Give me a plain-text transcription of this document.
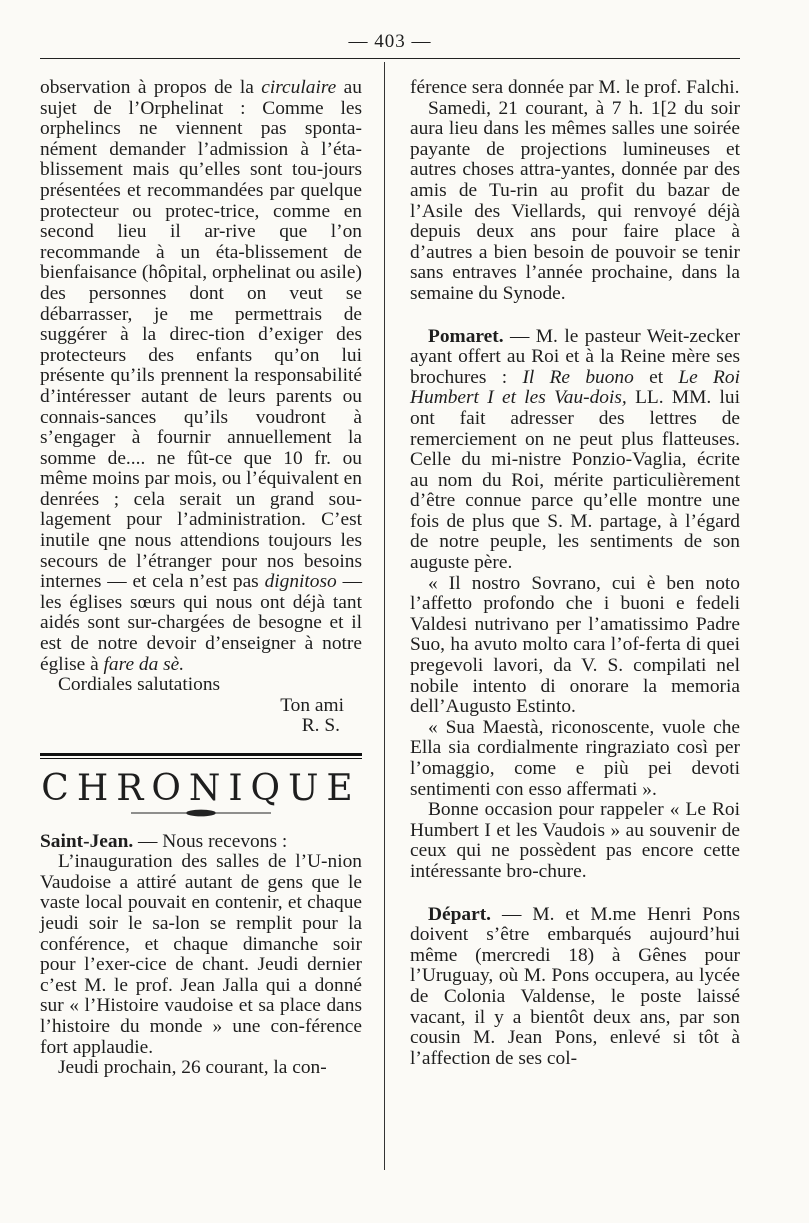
— 403 —

observation à propos de la circulaire au sujet de l’Orphelinat : Comme les orphelincs ne viennent pas sponta-nément demander l’admission à l’éta-blissement mais qu’elles sont tou-jours présentées et recommandées par quelque protecteur ou protec-trice, comme en second lieu il ar-rive que l’on recommande à un éta-blissement de bienfaisance (hôpital, orphelinat ou asile) des personnes dont on veut se débarrasser, je me permettrais de suggérer à la direc-tion d’exiger des protecteurs des enfants qu’on lui présente qu’ils prennent la responsabilité d’intéresser autant de leurs parents ou connais-sances qu’ils voudront à s’engager à fournir annuellement la somme de.... ne fût-ce que 10 fr. ou même moins par mois, ou l’équivalent en denrées ; cela serait un grand sou-lagement pour l’administration. C’est inutile qne nous attendions toujours les secours de l’étranger pour nos besoins internes — et cela n’est pas dignitoso — les églises sœurs qui nous ont déjà tant aidés sont sur-chargées de besogne et il est de notre devoir d’enseigner à notre église à fare da sè.

Cordiales salutations

Ton ami

R. S.

CHRONIQUE

Saint-Jean. — Nous recevons :

L’inauguration des salles de l’U-nion Vaudoise a attiré autant de gens que le vaste local pouvait en contenir, et chaque jeudi soir le sa-lon se remplit pour la conférence, et chaque dimanche soir pour l’exer-cice de chant. Jeudi dernier c’est M. le prof. Jean Jalla qui a donné sur « l’Histoire vaudoise et sa place dans l’histoire du monde » une con-férence fort applaudie.

Jeudi prochain, 26 courant, la con-

férence sera donnée par M. le prof. Falchi.

Samedi, 21 courant, à 7 h. 1[2 du soir aura lieu dans les mêmes salles une soirée payante de projections lumineuses et autres choses attra-yantes, donnée par des amis de Tu-rin au profit du bazar de l’Asile des Viellards, qui renvoyé déjà depuis deux ans pour faire place à d’autres a bien besoin de pouvoir se tenir sans entraves l’année prochaine, dans la semaine du Synode.

Pomaret. — M. le pasteur Weit-zecker ayant offert au Roi et à la Reine mère ses brochures : Il Re buono et Le Roi Humbert I et les Vau-dois, LL. MM. lui ont fait adresser des lettres de remerciement on ne peut plus flatteuses. Celle du mi-nistre Ponzio-Vaglia, écrite au nom du Roi, mérite particulièrement d’être connue parce qu’elle montre une fois de plus que S. M. partage, à l’égard de notre peuple, les sentiments de son auguste père.

« Il nostro Sovrano, cui è ben noto l’affetto profondo che i buoni e fedeli Valdesi nutrivano per l’amatissimo Padre Suo, ha avuto molto cara l’of-ferta di quei pregevoli lavori, da V. S. compilati nel nobile intento di onorare la memoria dell’Augusto Estinto.

« Sua Maestà, riconoscente, vuole che Ella sia cordialmente ringraziato così per l’omaggio, come e più pei devoti sentimenti con esso affermati ».

Bonne occasion pour rappeler « Le Roi Humbert I et les Vaudois » au souvenir de ceux qui ne possèdent pas encore cette intéressante bro-chure.

Départ. — M. et M.me Henri Pons doivent s’être embarqués aujourd’hui même (mercredi 18) à Gênes pour l’Uruguay, où M. Pons occupera, au lycée de Colonia Valdense, le poste laissé vacant, il y a bientôt deux ans, par son cousin M. Jean Pons, enlevé si tôt à l’affection de ses col-
